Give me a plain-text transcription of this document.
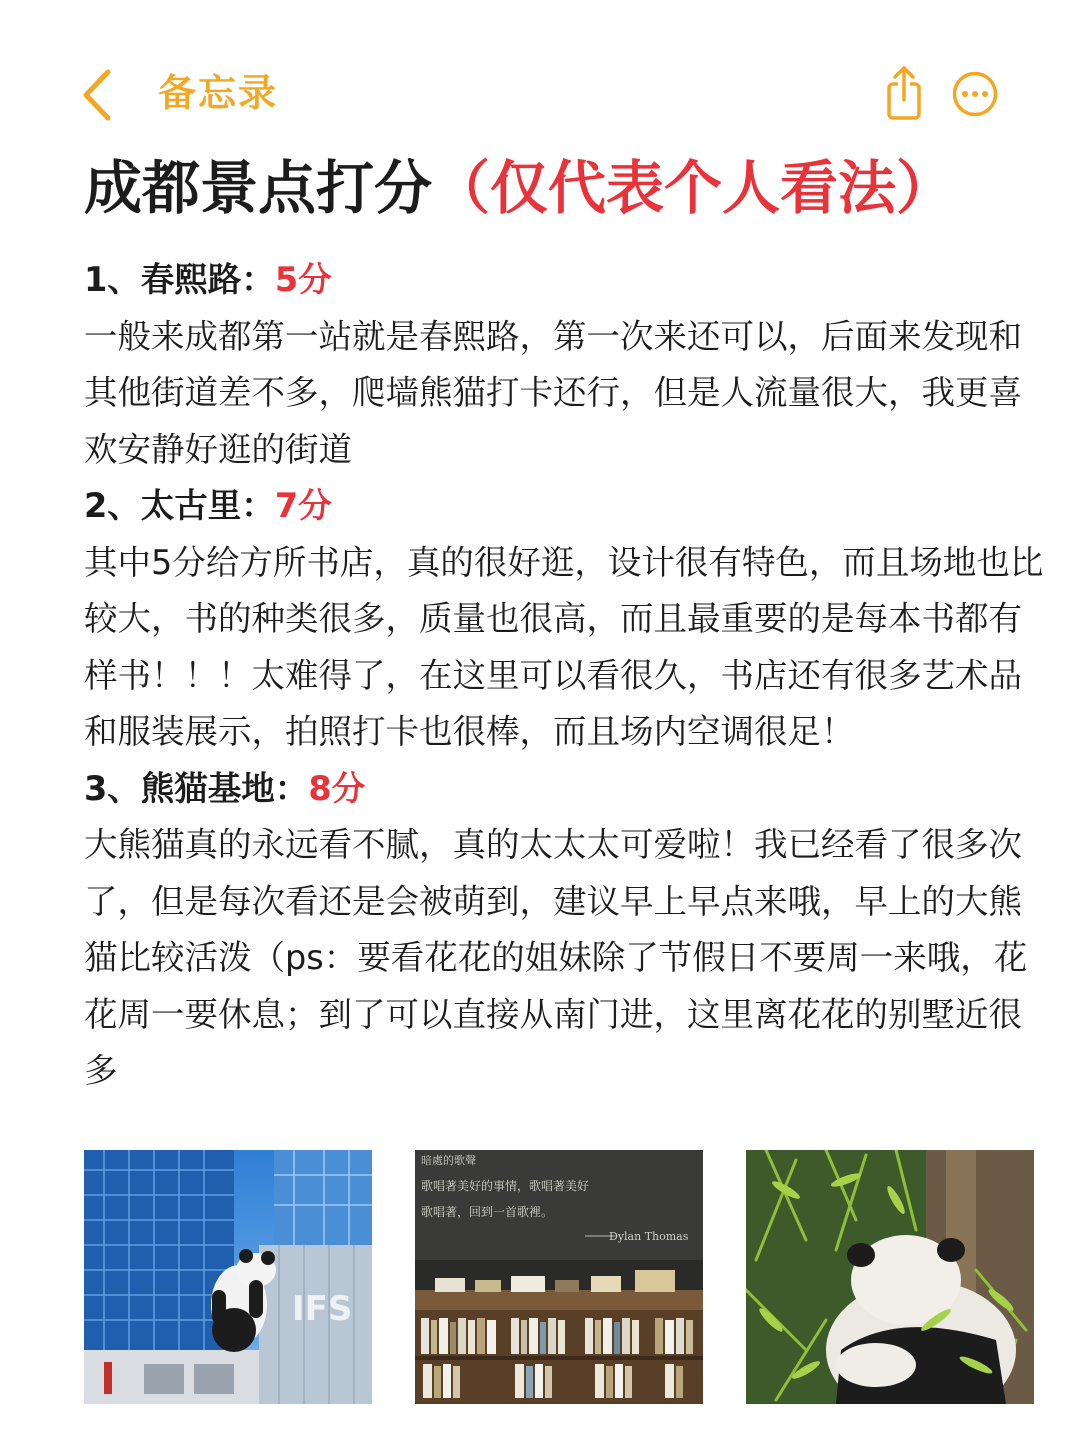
备忘录
成都景点打分（仅代表个人看法）

1、春熙路：5分

一般来成都第一站就是春熙路，第一次来还可以，后面来发现和其他街道差不多，爬墙熊猫打卡还行，但是人流量很大，我更喜欢安静好逛的街道

2、太古里：7分

其中5分给方所书店，真的很好逛，设计很有特色，而且场地也比较大，书的种类很多，质量也很高，而且最重要的是每本书都有样书！！！太难得了，在这里可以看很久，书店还有很多艺术品和服装展示，拍照打卡也很棒，而且场内空调很足！

3、熊猫基地：8分

大熊猫真的永远看不腻，真的太太太可爱啦！我已经看了很多次了，但是每次看还是会被萌到，建议早上早点来哦，早上的大熊猫比较活泼（ps：要看花花的姐妹除了节假日不要周一来哦，花花周一要休息；到了可以直接从南门进，这里离花花的别墅近很多

IFS
暗處的歌聲
歌唱著美好的事情，歌唱著美好
歌唱著，回到一首歌裡。
Dylan Thomas
